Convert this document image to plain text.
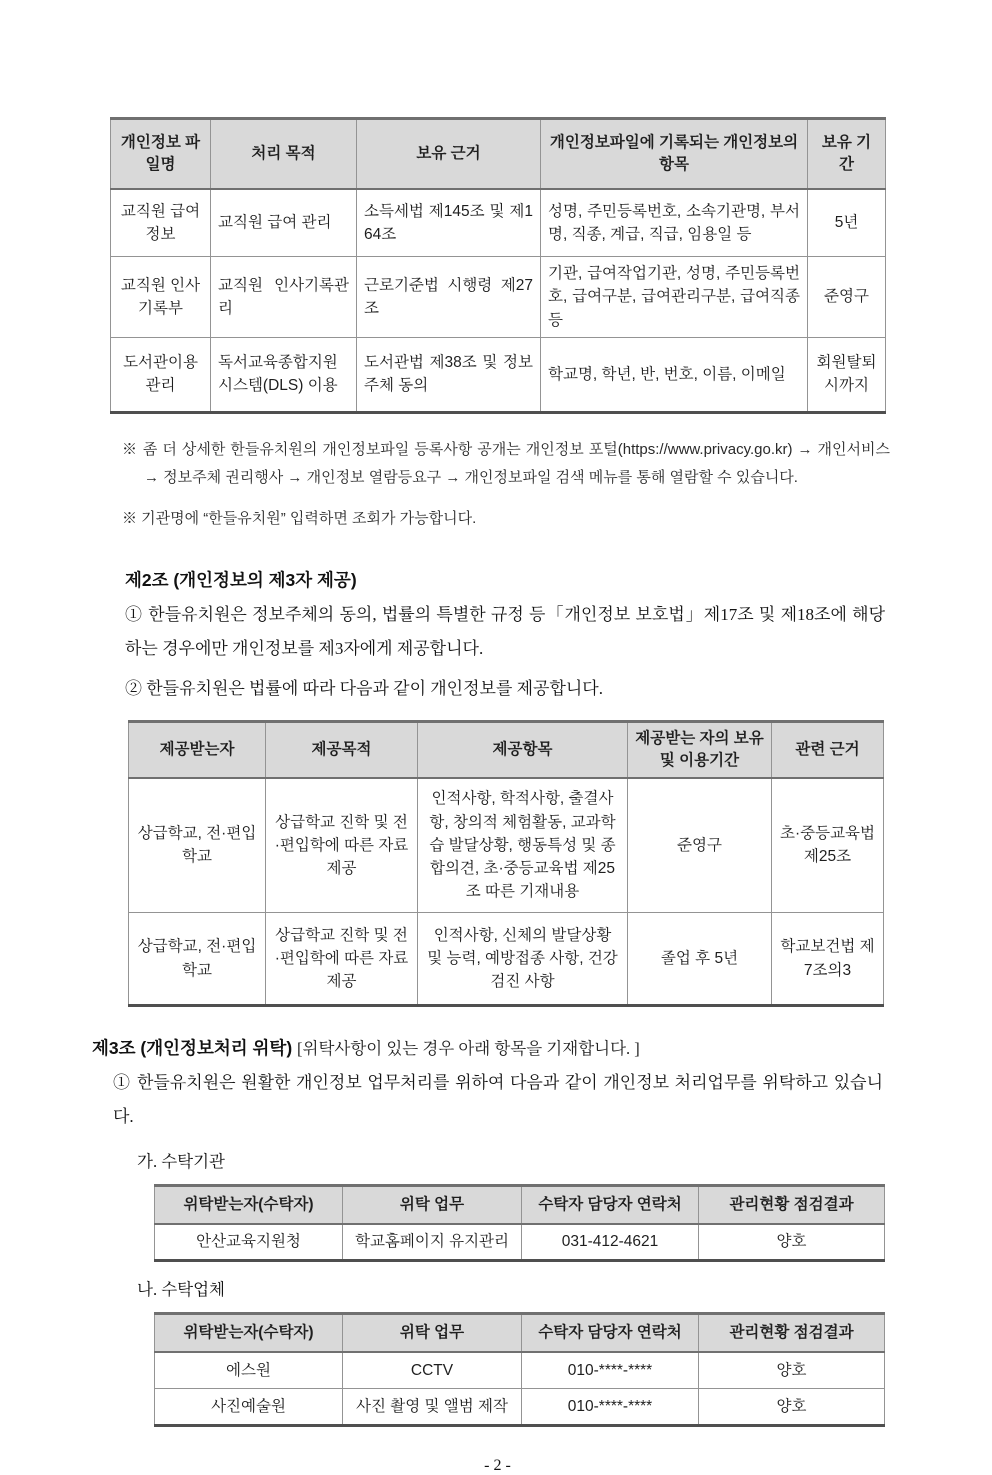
개인정보 파일명	처리 목적	보유 근거	개인정보파일에 기록되는 개인정보의 항목	보유 기간
교직원 급여정보	교직원 급여 관리	소득세법 제145조 및 제164조	성명, 주민등록번호, 소속기관명, 부서명, 직종, 계급, 직급, 임용일 등	5년
교직원 인사기록부	교직원 인사기록관리	근로기준법 시행령 제27조	기관, 급여작업기관, 성명, 주민등록번호, 급여구분, 급여관리구분, 급여직종 등	준영구
도서관이용 관리	독서교육종합지원시스템(DLS) 이용	도서관법 제38조 및 정보주체 동의	학교명, 학년, 반, 번호, 이름, 이메일	회원탈퇴 시까지

※ 좀 더 상세한 한들유치원의 개인정보파일 등록사항 공개는 개인정보 포털(https://www.privacy.go.kr) → 개인서비스 → 정보주체 권리행사 → 개인정보 열람등요구 → 개인정보파일 검색 메뉴를 통해 열람할 수 있습니다.

※ 기관명에 “한들유치원” 입력하면 조회가 가능합니다.

제2조 (개인정보의 제3자 제공)

① 한들유치원은 정보주체의 동의, 법률의 특별한 규정 등「개인정보 보호법」제17조 및 제18조에 해당하는 경우에만 개인정보를 제3자에게 제공합니다.

② 한들유치원은 법률에 따라 다음과 같이 개인정보를 제공합니다.

제공받는자	제공목적	제공항목	제공받는 자의 보유 및 이용기간	관련 근거
상급학교, 전·편입학교	상급학교 진학 및 전·편입학에 따른 자료 제공	인적사항, 학적사항, 출결사항, 창의적 체험활동, 교과학습 발달상황, 행동특성 및 종합의견, 초·중등교육법 제25조 따른 기재내용	준영구	초·중등교육법 제25조
상급학교, 전·편입학교	상급학교 진학 및 전·편입학에 따른 자료 제공	인적사항, 신체의 발달상황 및 능력, 예방접종 사항, 건강검진 사항	졸업 후 5년	학교보건법 제7조의3
제3조 (개인정보처리 위탁) [위탁사항이 있는 경우 아래 항목을 기재합니다. ]

① 한들유치원은 원활한 개인정보 업무처리를 위하여 다음과 같이 개인정보 처리업무를 위탁하고 있습니다.

가. 수탁기관

위탁받는자(수탁자)	위탁 업무	수탁자 담당자 연락처	관리현황 점검결과
안산교육지원청	학교홈페이지 유지관리	031-412-4621	양호

나. 수탁업체

위탁받는자(수탁자)	위탁 업무	수탁자 담당자 연락처	관리현황 점검결과
에스원	CCTV	010-****-****	양호
사진예술원	사진 촬영 및 앨범 제작	010-****-****	양호
- 2 -
